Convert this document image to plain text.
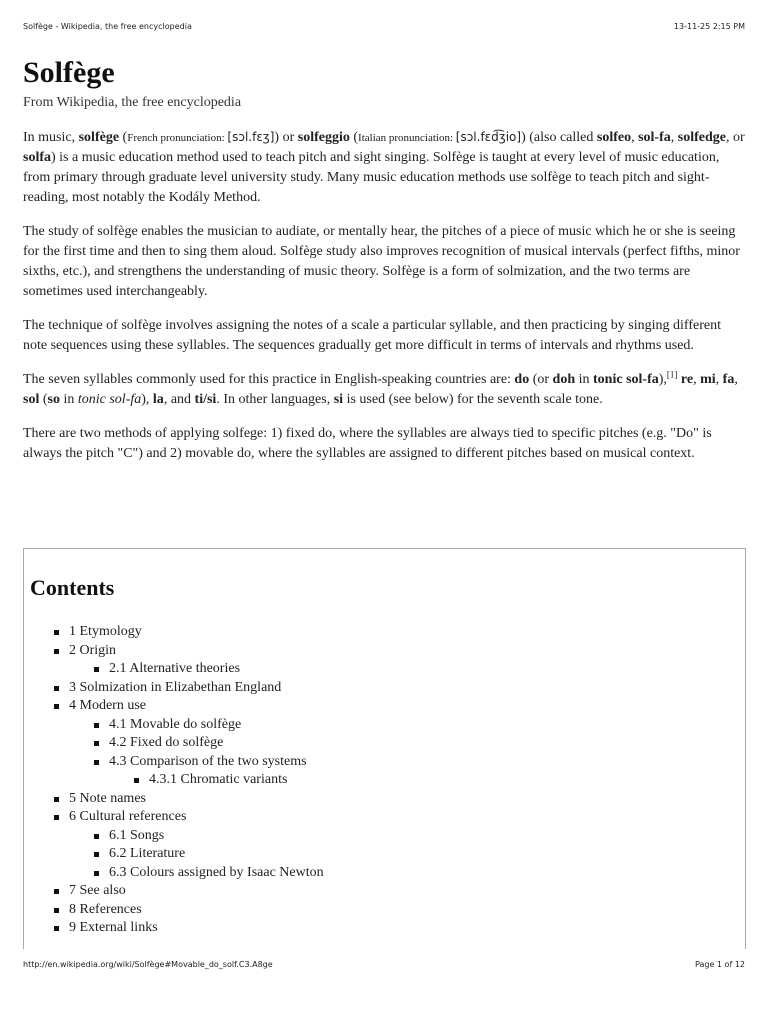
Solfège - Wikipedia, the free encyclopedia	13-11-25 2:15 PM
Solfège
From Wikipedia, the free encyclopedia

In music, solfège (French pronunciation: [sɔl.fɛʒ]) or solfeggio (Italian pronunciation: [sɔl.fɛd͡ʒio]) (also called solfeo, sol-fa, solfedge, or solfa) is a music education method used to teach pitch and sight singing. Solfège is taught at every level of music education, from primary through graduate level university study. Many music education methods use solfège to teach pitch and sight-reading, most notably the Kodály Method.

The study of solfège enables the musician to audiate, or mentally hear, the pitches of a piece of music which he or she is seeing for the first time and then to sing them aloud. Solfège study also improves recognition of musical intervals (perfect fifths, minor sixths, etc.), and strengthens the understanding of music theory. Solfège is a form of solmization, and the two terms are sometimes used interchangeably.

The technique of solfège involves assigning the notes of a scale a particular syllable, and then practicing by singing different note sequences using these syllables. The sequences gradually get more difficult in terms of intervals and rhythms used.

The seven syllables commonly used for this practice in English-speaking countries are: do (or doh in tonic sol-fa),[1] re, mi, fa, sol (so in tonic sol-fa), la, and ti/si. In other languages, si is used (see below) for the seventh scale tone.

There are two methods of applying solfege: 1) fixed do, where the syllables are always tied to specific pitches (e.g. "Do" is always the pitch "C") and 2) movable do, where the syllables are assigned to different pitches based on musical context.

Contents
1 Etymology
2 Origin
2.1 Alternative theories
3 Solmization in Elizabethan England
4 Modern use
4.1 Movable do solfège
4.2 Fixed do solfège
4.3 Comparison of the two systems
4.3.1 Chromatic variants
5 Note names
6 Cultural references
6.1 Songs
6.2 Literature
6.3 Colours assigned by Isaac Newton
7 See also
8 References
9 External links
http://en.wikipedia.org/wiki/Solfège#Movable_do_solf.C3.A8ge	Page 1 of 12
